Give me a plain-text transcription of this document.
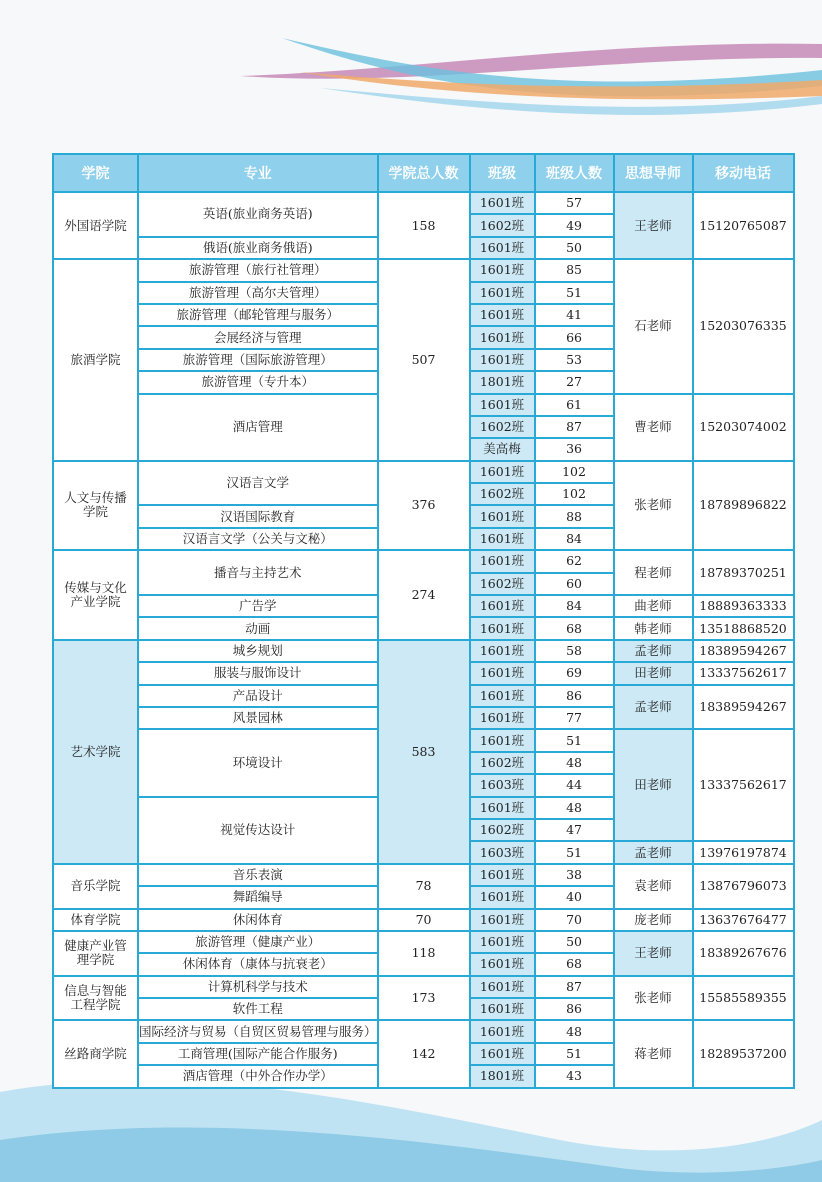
学院	专业	学院总人数	班级	班级人数	思想导师	移动电话
外国语学院	英语(旅业商务英语)	158	1601班	57	王老师	15120765087
			1602班	49		
	俄语(旅业商务俄语)		1601班	50		
旅酒学院	旅游管理（旅行社管理）	507	1601班	85	石老师	15203076335
	旅游管理（高尔夫管理）		1601班	51		
	旅游管理（邮轮管理与服务）		1601班	41		
	会展经济与管理		1601班	66		
	旅游管理（国际旅游管理）		1601班	53		
	旅游管理（专升本）		1801班	27		
	酒店管理		1601班	61	曹老师	15203074002
			1602班	87		
			美高梅	36		
人文与传播学院	汉语言文学	376	1601班	102	张老师	18789896822
			1602班	102		
	汉语国际教育		1601班	88		
	汉语言文学（公关与文秘）		1601班	84		
传媒与文化产业学院	播音与主持艺术	274	1601班	62	程老师	18789370251
			1602班	60		
	广告学		1601班	84	曲老师	18889363333
	动画		1601班	68	韩老师	13518868520
艺术学院	城乡规划	583	1601班	58	孟老师	18389594267
	服装与服饰设计		1601班	69	田老师	13337562617
	产品设计		1601班	86	孟老师	18389594267
	风景园林		1601班	77		
	环境设计		1601班	51	田老师	13337562617
			1602班	48		
			1603班	44		
	视觉传达设计		1601班	48		
			1602班	47		
			1603班	51	孟老师	13976197874
音乐学院	音乐表演	78	1601班	38	袁老师	13876796073
	舞蹈编导		1601班	40		
体育学院	休闲体育	70	1601班	70	庞老师	13637676477
健康产业管理学院	旅游管理（健康产业）	118	1601班	50	王老师	18389267676
	休闲体育（康体与抗衰老）		1601班	68		
信息与智能工程学院	计算机科学与技术	173	1601班	87	张老师	15585589355
	软件工程		1601班	86		
丝路商学院	国际经济与贸易（自贸区贸易管理与服务）	142	1601班	48	蒋老师	18289537200
	工商管理(国际产能合作服务)		1601班	51		
	酒店管理（中外合作办学）		1801班	43		
